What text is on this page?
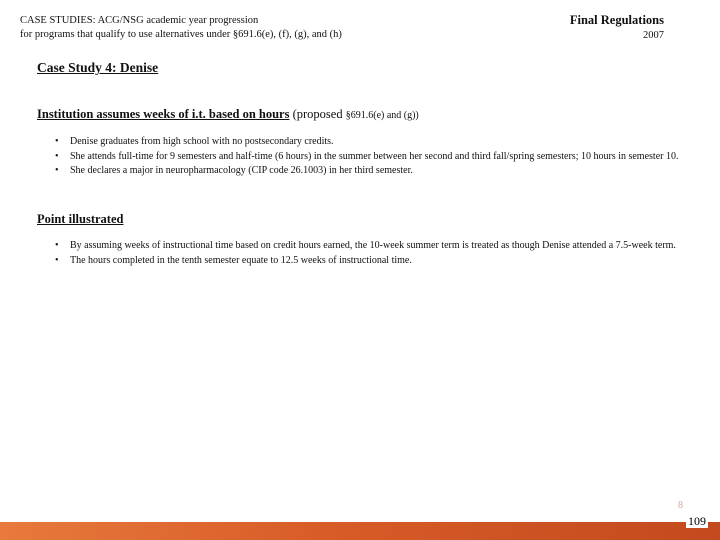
CASE STUDIES: ACG/NSG academic year progression
for programs that qualify to use alternatives under §691.6(e), (f), (g), and (h)
Final Regulations
2007
Case Study 4: Denise
Institution assumes weeks of i.t. based on hours (proposed §691.6(e) and (g))
• Denise graduates from high school with no postsecondary credits.
• She attends full-time for 9 semesters and half-time (6 hours) in the summer between her second and third fall/spring semesters; 10 hours in semester 10.
• She declares a major in neuropharmacology (CIP code 26.1003) in her third semester.
Point illustrated
• By assuming weeks of instructional time based on credit hours earned, the 10-week summer term is treated as though Denise attended a 7.5-week term.
• The hours completed in the tenth semester equate to 12.5 weeks of instructional time.
8
109
